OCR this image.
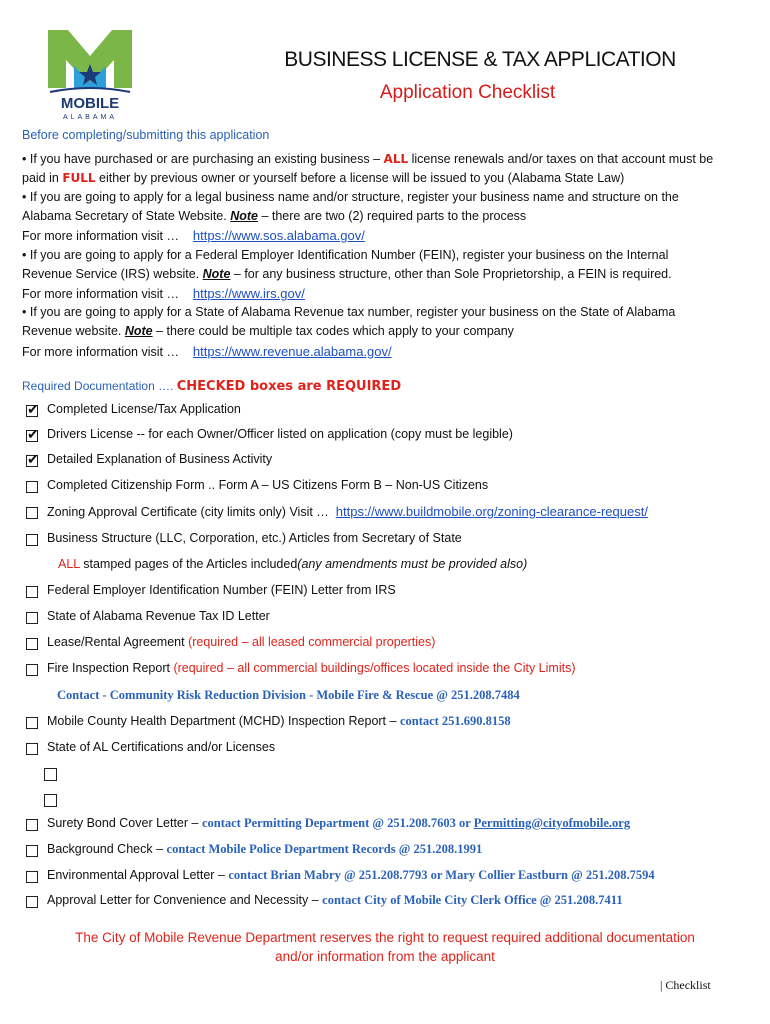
MOBILE
ALABAMA
BUSINESS LICENSE & TAX APPLICATION
Application Checklist
Before completing/submitting this application
• If you have purchased or are purchasing an existing business – ALL license renewals and/or taxes on that account must be
paid in FULL either by previous owner or yourself before a license will be issued to you (Alabama State Law)
• If you are going to apply for a legal business name and/or structure, register your business name and structure on the
Alabama Secretary of State Website. Note – there are two (2) required parts to the process
For more information visit … https://www.sos.alabama.gov/
• If you are going to apply for a Federal Employer Identification Number (FEIN), register your business on the Internal
Revenue Service (IRS) website. Note – for any business structure, other than Sole Proprietorship, a FEIN is required.
For more information visit … https://www.irs.gov/
• If you are going to apply for a State of Alabama Revenue tax number, register your business on the State of Alabama
Revenue website. Note – there could be multiple tax codes which apply to your company
For more information visit … https://www.revenue.alabama.gov/
Required Documentation …. CHECKED boxes are REQUIRED
✔ Completed License/Tax Application
✔ Drivers License -- for each Owner/Officer listed on application (copy must be legible)
✔ Detailed Explanation of Business Activity
Completed Citizenship Form .. Form A – US Citizens Form B – Non-US Citizens
Zoning Approval Certificate (city limits only) Visit … https://www.buildmobile.org/zoning-clearance-request/
Business Structure (LLC, Corporation, etc.) Articles from Secretary of State
ALL stamped pages of the Articles included(any amendments must be provided also)
Federal Employer Identification Number (FEIN) Letter from IRS
State of Alabama Revenue Tax ID Letter
Lease/Rental Agreement (required – all leased commercial properties)
Fire Inspection Report (required – all commercial buildings/offices located inside the City Limits)
Contact - Community Risk Reduction Division - Mobile Fire & Rescue @ 251.208.7484
Mobile County Health Department (MCHD) Inspection Report – contact 251.690.8158
State of AL Certifications and/or Licenses
Surety Bond Cover Letter – contact Permitting Department @ 251.208.7603 or Permitting@cityofmobile.org
Background Check – contact Mobile Police Department Records @ 251.208.1991
Environmental Approval Letter – contact Brian Mabry @ 251.208.7793 or Mary Collier Eastburn @ 251.208.7594
Approval Letter for Convenience and Necessity – contact City of Mobile City Clerk Office @ 251.208.7411
The City of Mobile Revenue Department reserves the right to request required additional documentation
and/or information from the applicant
| Checklist
